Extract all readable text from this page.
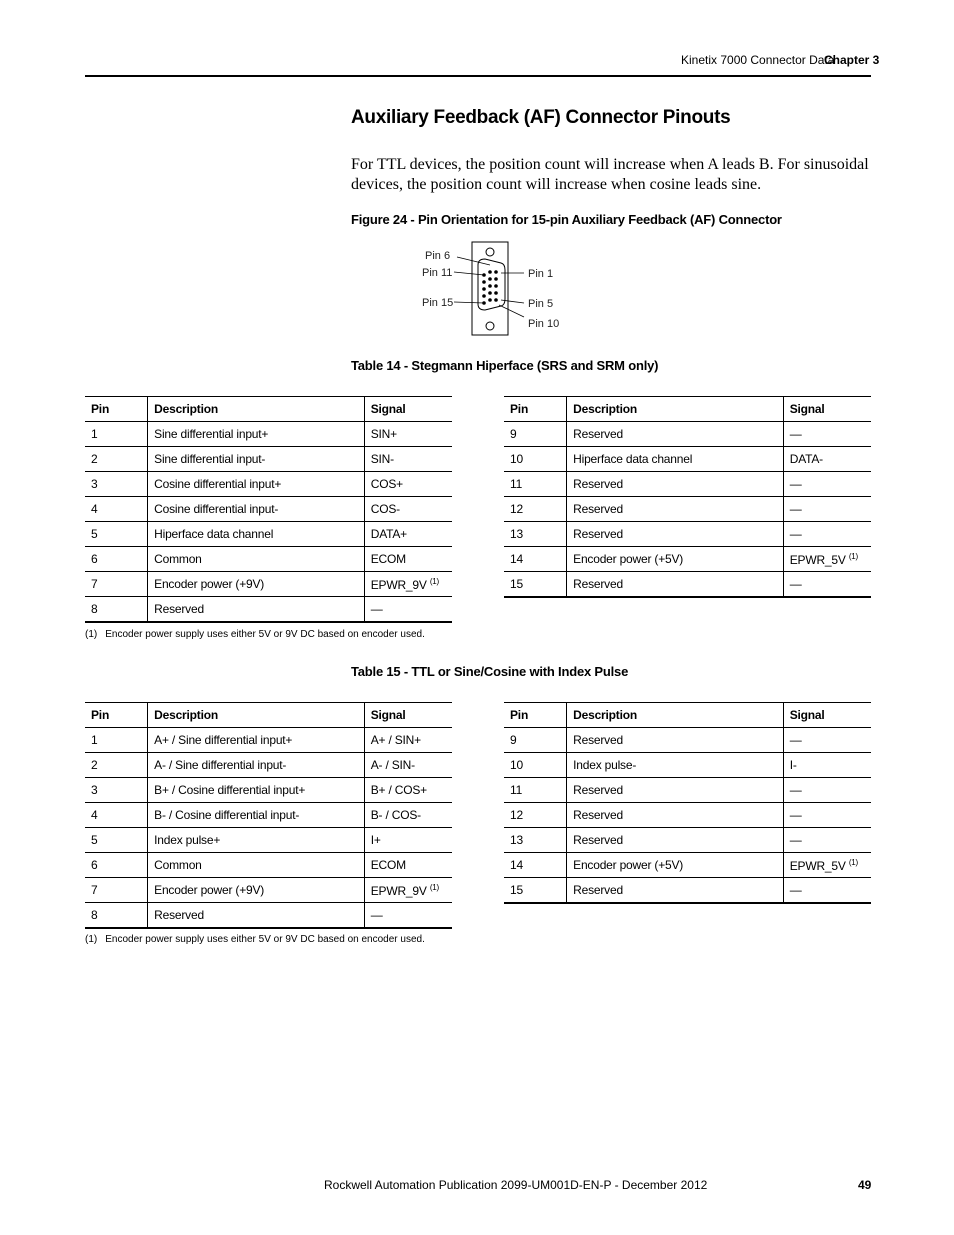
Kinetix 7000 Connector Data
Chapter 3
Auxiliary Feedback (AF) Connector Pinouts
For TTL devices, the position count will increase when A leads B. For sinusoidal devices, the position count will increase when cosine leads sine.
Figure 24 - Pin Orientation for 15-pin Auxiliary Feedback (AF) Connector
Pin 6
Pin 11
Pin 15
Pin 1
Pin 5
Pin 10
Table 14 - Stegmann Hiperface (SRS and SRM only)
Pin	Description	Signal
1	Sine differential input+	SIN+
2	Sine differential input-	SIN-
3	Cosine differential input+	COS+
4	Cosine differential input-	COS-
5	Hiperface data channel	DATA+
6	Common	ECOM
7	Encoder power (+9V)	EPWR_9V $^{(1)}$
8	Reserved	—
Pin	Description	Signal
9	Reserved	—
10	Hiperface data channel	DATA-
11	Reserved	—
12	Reserved	—
13	Reserved	—
14	Encoder power (+5V)	EPWR_5V $^{(1)}$
15	Reserved	—
(1) Encoder power supply uses either 5V or 9V DC based on encoder used.
Table 15 - TTL or Sine/Cosine with Index Pulse
Pin	Description	Signal
1	A+ / Sine differential input+	A+ / SIN+
2	A- / Sine differential input-	A- / SIN-
3	B+ / Cosine differential input+	B+ / COS+
4	B- / Cosine differential input-	B- / COS-
5	Index pulse+	I+
6	Common	ECOM
7	Encoder power (+9V)	EPWR_9V $^{(1)}$
8	Reserved	—
Pin	Description	Signal
9	Reserved	—
10	Index pulse-	I-
11	Reserved	—
12	Reserved	—
13	Reserved	—
14	Encoder power (+5V)	EPWR_5V $^{(1)}$
15	Reserved	—
(1) Encoder power supply uses either 5V or 9V DC based on encoder used.
Rockwell Automation Publication 2099-UM001D-EN-P - December 2012	49
